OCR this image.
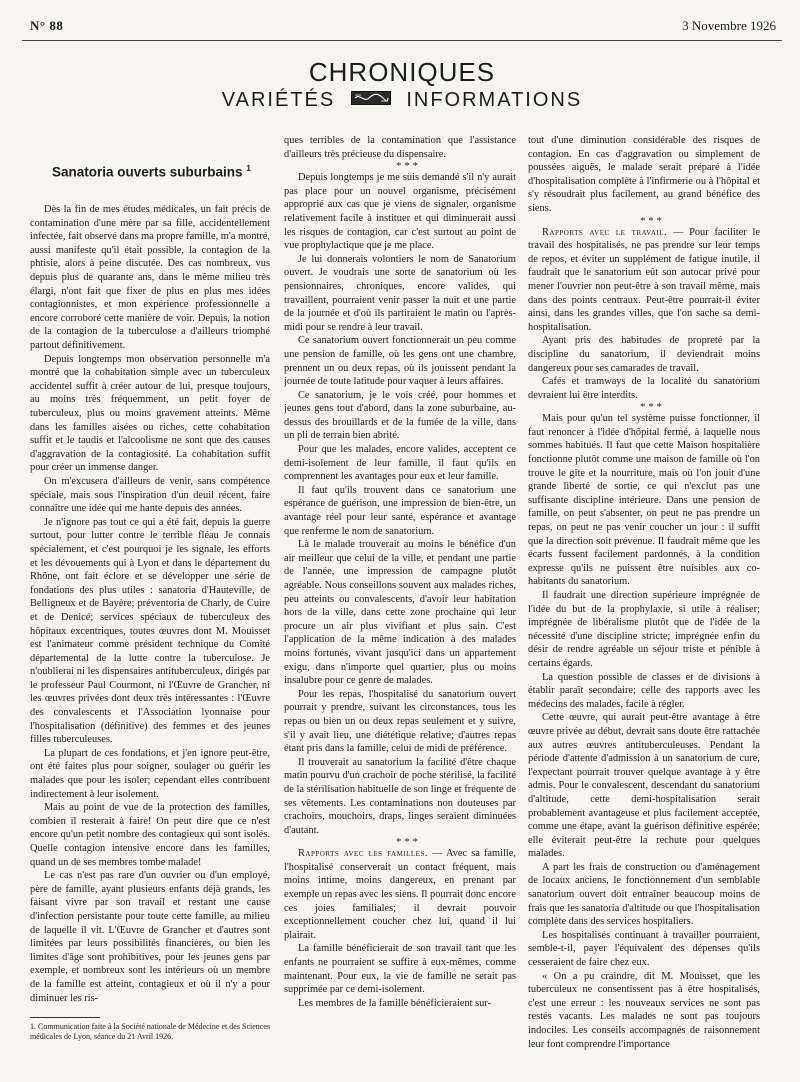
N° 88	3 Novembre 1926
CHRONIQUES
VARIÉTÉS	INFORMATIONS
Sanatoria ouverts suburbains $^1$

Dès la fin de mes études médicales, un fait précis de contamination d'une mère par sa fille, accidentellement infectée, fait observé dans ma propre famille, m'a montré, aussi manifeste qu'il était possible, la contagion de la phtisie, alors à peine discutée. Des cas nombreux, vus depuis plus de quarante ans, dans le même milieu très élargi, n'ont fait que fixer de plus en plus mes idées contagionnistes, et mon expérience professionnelle a encore corroboré cette manière de voir. Depuis, la notion de la contagion de la tuberculose a d'ailleurs triomphé partout définitivement.

Depuis longtemps mon observation personnelle m'a montré que la cohabitation simple avec un tuberculeux accidentel suffit à créer autour de lui, presque toujours, au moins très fréquemment, un petit foyer de tuberculeux, plus ou moins gravement atteints. Même dans les familles aisées ou riches, cette cohabitation suffit et le taudis et l'alcoolisme ne sont que des causes d'aggravation de la contagiosité. La cohabitation suffit pour créer un immense danger.

On m'excusera d'ailleurs de venir, sans compétence spéciale, mais sous l'inspiration d'un deuil récent, faire connaître une idée qui me hante depuis des années.

Je n'ignore pas tout ce qui a été fait, depuis la guerre surtout, pour lutter contre le terrible fléau Je connais spécialement, et c'est pourquoi je les signale, les efforts et les dévouements qui à Lyon et dans le département du Rhône, ont fait éclore et se développer une série de fondations des plus utiles : sanatoria d'Hauteville, de Belligneux et de Bayère; préventoria de Charly, de Cuire et de Denicé; services spéciaux de tuberculeux des hôpitaux excentriques, toutes œuvres dont M. Mouisset est l'animateur comme président technique du Comité départemental de la lutte contre la tuberculose. Je n'oublierai ni les dispensaires antituberculeux, dirigés par le professeur Paul Courmont, ni l'Œuvre de Grancher, ni les œuvres privées dont deux très intéressantes : l'Œuvre des convalescents et l'Association lyonnaise pour l'hospitalisation (définitive) des femmes et des jeunes filles tuberculeuses.

La plupart de ces fondations, et j'en ignore peut-être, ont été faites plus pour soigner, soulager ou guérir les malades que pour les isoler; cependant elles contribuent indirectement à leur isolement.

Mais au point de vue de la protection des familles, combien il resterait à faire! On peut dire que ce n'est encore qu'un petit nombre des contagieux qui sont isolés. Quelle contagion intensive encore dans les familles, quand un de ses membres tombe malade!

Le cas n'est pas rare d'un ouvrier ou d'un employé, père de famille, ayant plusieurs enfants déjà grands, les faisant vivre par son travail et restant une cause d'infection persistante pour toute cette famille, au milieu de laquelle il vit. L'Œuvre de Grancher et d'autres sont limitées par leurs possibilités financières, ou bien les limites d'âge sont prohibitives, pour les jeunes gens par exemple, et nombreux sont les intérieurs où un membre de la famille est atteint, contagieux et où il n'y a pour diminuer les ris-

1. Communication faite à la Société nationale de Médecine et des Sciences médicales de Lyon, séance du 21 Avril 1926.

ques terribles de la contamination que l'assistance d'ailleurs très précieuse du dispensaire.

* * *

Depuis longtemps je me suis demandé s'il n'y aurait pas place pour un nouvel organisme, précisément approprié aux cas que je viens de signaler, organisme relativement facile à instituer et qui diminuerait aussi les risques de contagion, car c'est surtout au point de vue prophylactique que je me place.

Je lui donnerais volontiers le nom de Sanatorium ouvert. Je voudrais une sorte de sanatorium où les pensionnaires, chroniques, encore valides, qui travaillent, pourraient venir passer la nuit et une partie de la journée et d'où ils partiraient le matin ou l'après-midi pour se rendre à leur travail.

Ce sanatorium ouvert fonctionnerait un peu comme une pension de famille, où les gens ont une chambre, prennent un ou deux repas, où ils jouissent pendant la journée de toute latitude pour vaquer à leurs affaires.

Ce sanatorium, je le vois créé, pour hommes et jeunes gens tout d'abord, dans la zone suburbaine, au-dessus des brouillards et de la fumée de la ville, dans un pli de terrain bien abrité.

Pour que les malades, encore valides, acceptent ce demi-isolement de leur famille, il faut qu'ils en comprennent les avantages pour eux et leur famille.

Il faut qu'ils trouvent dans ce sanatorium une espérance de guérison, une impression de bien-être, un avantage réel pour leur santé, espérance et avantage que renferme le nom de sanatorium.

Là le malade trouverait au moins le bénéfice d'un air meilleur que celui de la ville, et pendant une partie de l'année, une impression de campagne plutôt agréable. Nous conseillons souvent aux malades riches, peu atteints ou convalescents, d'avoir leur habitation hors de la ville, dans cette zone prochaine qui leur procure un air plus vivifiant et plus sain. C'est l'application de la même indication à des malades moins fortunés, vivant jusqu'ici dans un appartement exigu, dans n'importe quel quartier, plus ou moins insalubre pour ce genre de malades.

Pour les repas, l'hospitalisé du sanatorium ouvert pourrait y prendre, suivant les circonstances, tous les repas ou bien un ou deux repas seulement et y suivre, s'il y avait lieu, une diététique relative; d'autres repas étant pris dans la famille, celui de midi de préférence.

Il trouverait au sanatorium la facilité d'être chaque matin pourvu d'un crachoir de poche stérilisé, la facilité de la stérilisation habituelle de son linge et fréquente de ses vêtements. Les contaminations non douteuses par crachoirs, mouchoirs, draps, linges seraient diminuées d'autant.

* * *

Rapports avec les familles. — Avec sa famille, l'hospitalisé conserverait un contact fréquent, mais moins intime, moins dangereux, en prenant par exemple un repas avec les siens. Il pourrait donc encore ces joies familiales; il devrait pouvoir exceptionnellement coucher chez lui, quand il lui plairait.

La famille bénéficierait de son travail tant que les enfants ne pourraient se suffire à eux-mêmes, comme maintenant. Pour eux, la vie de famille ne serait pas supprimée par ce demi-isolement.

Les membres de la famille bénéficieraient sur-

tout d'une diminution considérable des risques de contagion. En cas d'aggravation ou simplement de poussées aiguës, le malade serait préparé à l'idée d'hospitalisation complète à l'infirmerie ou à l'hôpital et s'y résoudrait plus facilement, au grand bénéfice des siens.

* * *

Rapports avec le travail. — Pour faciliter le travail des hospitalisés, ne pas prendre sur leur temps de repos, et éviter un supplément de fatigue inutile, il faudrait que le sanatorium eût son autocar privé pour mener l'ouvrier non peut-être à son travail même, mais dans des points centraux. Peut-être pourrait-il éviter ainsi, dans les grandes villes, que l'on sache sa demi-hospitalisation.

Ayant pris des habitudes de propreté par la discipline du sanatorium, il deviendrait moins dangereux pour ses camarades de travail.

Cafés et tramways de la localité du sanatorium devraient lui être interdits.

* * *

Mais pour qu'un tel système puisse fonctionner, il faut renoncer à l'idée d'hôpital fermé, à laquelle nous sommes habitués. Il faut que cette Maison hospitalière fonctionne plutôt comme une maison de famille où l'on trouve le gîte et la nourriture, mais où l'on jouit d'une grande liberté de sortie, ce qui n'exclut pas une suffisante discipline intérieure. Dans une pension de famille, on peut s'absenter, on peut ne pas prendre un repas, on peut ne pas venir coucher un jour : il suffit que la direction soit prévenue. Il faudrait même que les écarts fussent facilement pardonnés, à la condition expresse qu'ils ne puissent être nuisibles aux co-habitants du sanatorium.

Il faudrait une direction supérieure imprégnée de l'idée du but de la prophylaxie, si utile à réaliser; imprégnée de libéralisme plutôt que de l'idée de la nécessité d'une discipline stricte; imprégnée enfin du désir de rendre agréable un séjour triste et pénible à certains égards.

La question possible de classes et de divisions à établir paraît secondaire; celle des rapports avec les médecins des malades, facile à régler.

Cette œuvre, qui aurait peut-être avantage à être œuvre privée au début, devrait sans doute être rattachée aux autres œuvres antituberculeuses. Pendant la période d'attente d'admission à un sanatorium de cure, l'expectant pourrait trouver quelque avantage à y être admis. Pour le convalescent, descendant du sanatorium d'altitude, cette demi-hospitalisation serait probablement avantageuse et plus facilement acceptée, comme une étape, avant la guérison définitive espérée; elle éviterait peut-être la rechute pour quelques malades.

A part les frais de construction ou d'aménagement de locaux anciens, le fonctionnement d'un semblable sanatorium ouvert doit entraîner beaucoup moins de frais que les sanatoria d'altitude ou que l'hospitalisation complète dans des services hospitaliers.

Les hospitalisés continuant à travailler pourraient, semble-t-il, payer l'équivalent des dépenses qu'ils cesseraient de faire chez eux.

« On a pu craindre, dit M. Mouisset, que les tuberculeux ne consentissent pas à être hospitalisés, c'est une erreur : les nouveaux services ne sont pas restés vacants. Les malades ne sont pas toujours indociles. Les conseils accompagnés de raisonnement leur font comprendre l'importance
